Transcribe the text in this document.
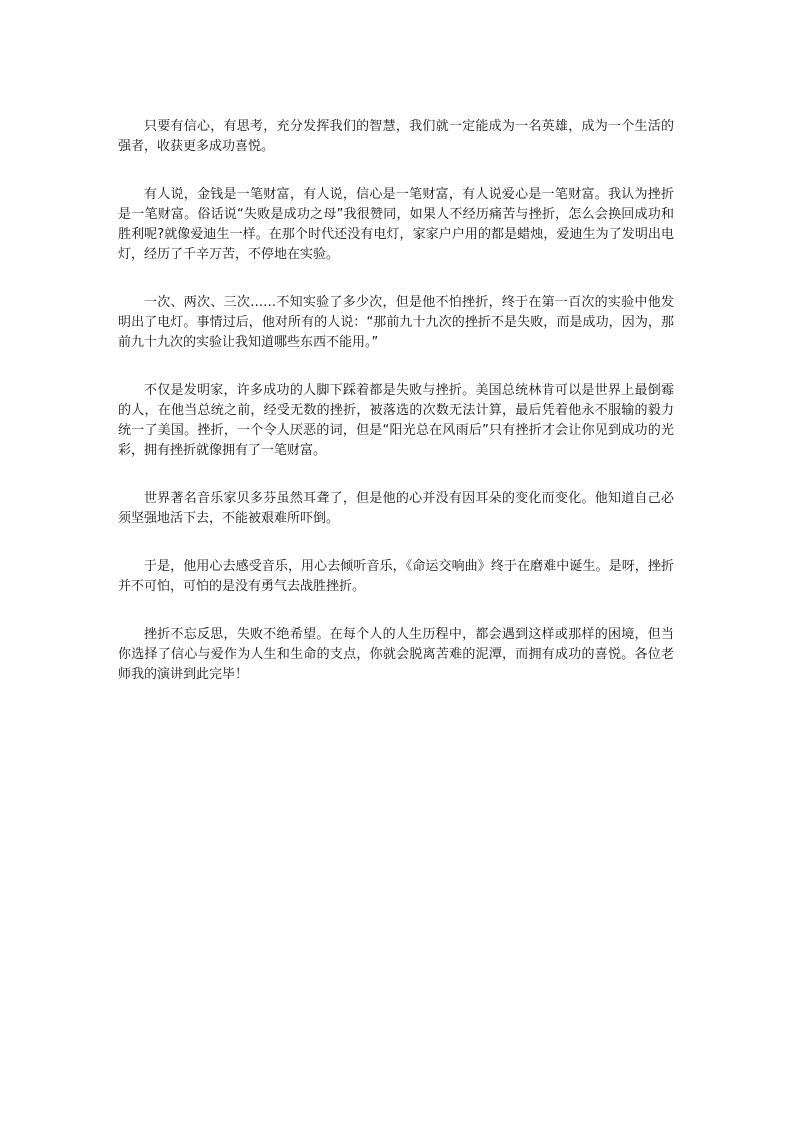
只要有信心，有思考，充分发挥我们的智慧，我们就一定能成为一名英雄，成为一个生活的强者，收获更多成功喜悦。

有人说，金钱是一笔财富，有人说，信心是一笔财富，有人说爱心是一笔财富。我认为挫折是一笔财富。俗话说“失败是成功之母”我很赞同，如果人不经历痛苦与挫折，怎么会换回成功和胜利呢?就像爱迪生一样。在那个时代还没有电灯，家家户户用的都是蜡烛，爱迪生为了发明出电灯，经历了千辛万苦，不停地在实验。

一次、两次、三次……不知实验了多少次，但是他不怕挫折，终于在第一百次的实验中他发明出了电灯。事情过后，他对所有的人说：“那前九十九次的挫折不是失败，而是成功，因为，那前九十九次的实验让我知道哪些东西不能用。”

不仅是发明家，许多成功的人脚下踩着都是失败与挫折。美国总统林肯可以是世界上最倒霉的人，在他当总统之前，经受无数的挫折，被落选的次数无法计算，最后凭着他永不服输的毅力统一了美国。挫折，一个令人厌恶的词，但是“阳光总在风雨后”只有挫折才会让你见到成功的光彩，拥有挫折就像拥有了一笔财富。

世界著名音乐家贝多芬虽然耳聋了，但是他的心并没有因耳朵的变化而变化。他知道自己必须坚强地活下去，不能被艰难所吓倒。

于是，他用心去感受音乐，用心去倾听音乐，《命运交响曲》终于在磨难中诞生。是呀，挫折并不可怕，可怕的是没有勇气去战胜挫折。

挫折不忘反思，失败不绝希望。在每个人的人生历程中，都会遇到这样或那样的困境，但当你选择了信心与爱作为人生和生命的支点，你就会脱离苦难的泥潭，而拥有成功的喜悦。各位老师我的演讲到此完毕！
